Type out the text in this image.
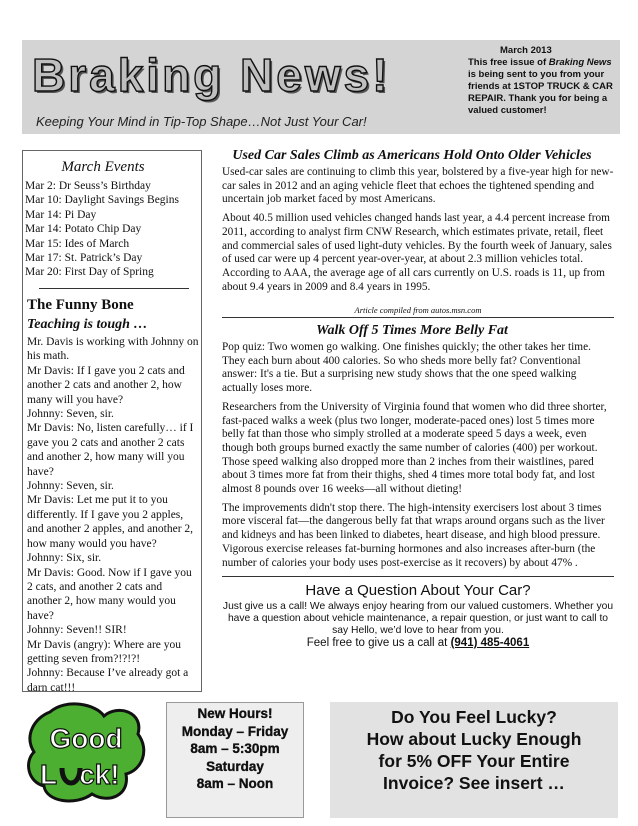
Braking News!
Keeping Your Mind in Tip-Top Shape…Not Just Your Car!
March 2013
This free issue of Braking News is being sent to you from your friends at 1STOP TRUCK & CAR REPAIR. Thank you for being a valued customer!
March Events
Mar 2: Dr Seuss’s Birthday
Mar 10: Daylight Savings Begins
Mar 14: Pi Day
Mar 14: Potato Chip Day
Mar 15: Ides of March
Mar 17: St. Patrick’s Day
Mar 20: First Day of Spring
The Funny Bone
Teaching is tough …
Mr. Davis is working with Johnny on his math.
Mr Davis: If I gave you 2 cats and another 2 cats and another 2, how many will you have?
Johnny: Seven, sir.
Mr Davis: No, listen carefully… if I gave you 2 cats and another 2 cats and another 2, how many will you have?
Johnny: Seven, sir.
Mr Davis: Let me put it to you differently. If I gave you 2 apples, and another 2 apples, and another 2, how many would you have?
Johnny: Six, sir.
Mr Davis: Good. Now if I gave you 2 cats, and another 2 cats and another 2, how many would you have?
Johnny: Seven!! SIR!
Mr Davis (angry): Where are you getting seven from?!?!?!
Johnny: Because I’ve already got a darn cat!!!
Used Car Sales Climb as Americans Hold Onto Older Vehicles

Used-car sales are continuing to climb this year, bolstered by a five-year high for new-car sales in 2012 and an aging vehicle fleet that echoes the tightened spending and uncertain job market faced by most Americans.

About 40.5 million used vehicles changed hands last year, a 4.4 percent increase from 2011, according to analyst firm CNW Research, which estimates private, retail, fleet and commercial sales of used light-duty vehicles. By the fourth week of January, sales of used car were up 4 percent year-over-year, at about 2.3 million vehicles total. According to AAA, the average age of all cars currently on U.S. roads is 11, up from about 9.4 years in 2009 and 8.4 years in 1995.

Article compiled from autos.msn.com
Walk Off 5 Times More Belly Fat

Pop quiz: Two women go walking. One finishes quickly; the other takes her time. They each burn about 400 calories. So who sheds more belly fat? Conventional answer: It's a tie. But a surprising new study shows that the one speed walking actually loses more.

Researchers from the University of Virginia found that women who did three shorter, fast-paced walks a week (plus two longer, moderate-paced ones) lost 5 times more belly fat than those who simply strolled at a moderate speed 5 days a week, even though both groups burned exactly the same number of calories (400) per workout. Those speed walking also dropped more than 2 inches from their waistlines, pared about 3 times more fat from their thighs, shed 4 times more total body fat, and lost almost 8 pounds over 16 weeks—all without dieting!

The improvements didn't stop there. The high-intensity exercisers lost about 3 times more visceral fat—the dangerous belly fat that wraps around organs such as the liver and kidneys and has been linked to diabetes, heart disease, and high blood pressure. Vigorous exercise releases fat-burning hormones and also increases after-burn (the number of calories your body uses post-exercise as it recovers) by about 47% .

Have a Question About Your Car?
Just give us a call! We always enjoy hearing from our valued customers. Whether you have a question about vehicle maintenance, a repair question, or just want to call to say Hello, we’d love to hear from you.
Feel free to give us a call at (941) 485-4061
Good
L ck!
New Hours!
Monday – Friday
8am – 5:30pm
Saturday
8am – Noon
Do You Feel Lucky?
How about Lucky Enough
for 5% OFF Your Entire
Invoice? See insert …
